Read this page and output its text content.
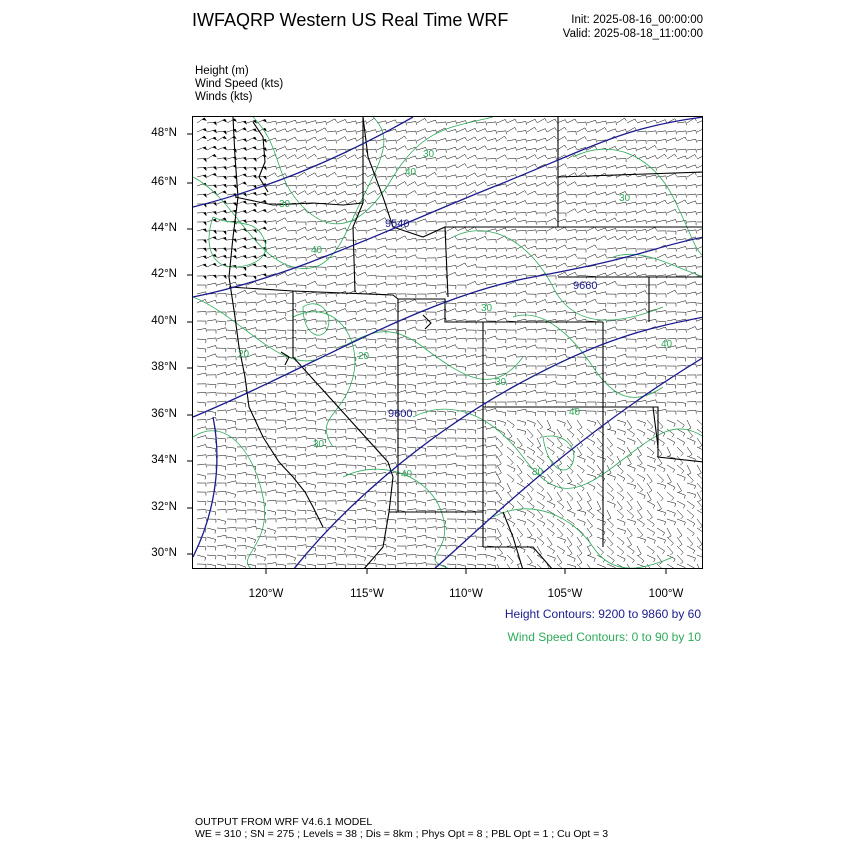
IWFAQRP Western US Real Time WRF	Init: 2025-08-16_00:00:00
Valid: 2025-08-18_11:00:00
Height (m)
Wind Speed (kts)
Winds (kts)
48°N
46°N
44°N
42°N
40°N
38°N
36°N
34°N
32°N
30°N
120°W	115°W	110°W	105°W	100°W
9540
9660
9600
30
40
40
20
30
30
40
20
40
30
30
40
30
30
Height Contours: 9200 to 9860 by 60
Wind Speed Contours: 0 to 90 by 10
OUTPUT FROM WRF V4.6.1 MODEL
WE = 310 ; SN = 275 ; Levels = 38 ; Dis = 8km ; Phys Opt = 8 ; PBL Opt = 1 ; Cu Opt = 3
